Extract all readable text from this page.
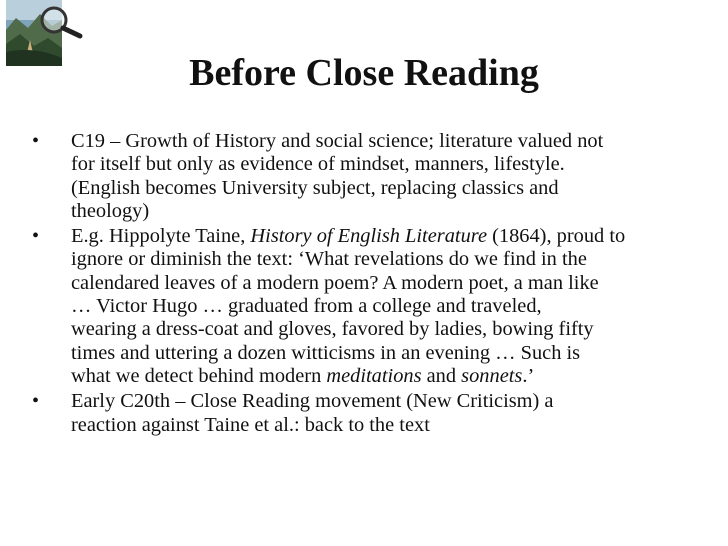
Before Close Reading
• C19 – Growth of History and social science; literature valued not
for itself but only as evidence of mindset, manners, lifestyle.
(English becomes University subject, replacing classics and
theology)
• E.g. Hippolyte Taine, History of English Literature (1864), proud to
ignore or diminish the text: ‘What revelations do we find in the
calendared leaves of a modern poem? A modern poet, a man like
… Victor Hugo … graduated from a college and traveled,
wearing a dress-coat and gloves, favored by ladies, bowing fifty
times and uttering a dozen witticisms in an evening … Such is
what we detect behind modern meditations and sonnets.’
• Early C20th – Close Reading movement (New Criticism) a
reaction against Taine et al.: back to the text
